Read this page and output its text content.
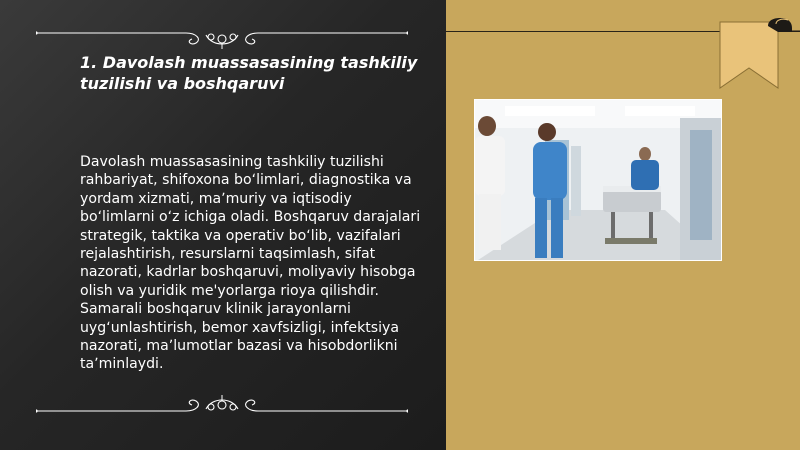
1. Davolash muassasasining tashkiliy tuzilishi va boshqaruvi

Davolash muassasasining tashkiliy tuzilishi rahbariyat, shifoxona boʻlimlari, diagnostika va yordam xizmati, maʼmuriy va iqtisodiy boʻlimlarni oʻz ichiga oladi. Boshqaruv darajalari strategik, taktika va operativ boʻlib, vazifalari rejalashtirish, resurslarni taqsimlash, sifat nazorati, kadrlar boshqaruvi, moliyaviy hisobga olish va yuridik me'yorlarga rioya qilishdir. Samarali boshqaruv klinik jarayonlarni uygʻunlashtirish, bemor xavfsizligi, infektsiya nazorati, maʼlumotlar bazasi va hisobdorlikni taʼminlaydi.
